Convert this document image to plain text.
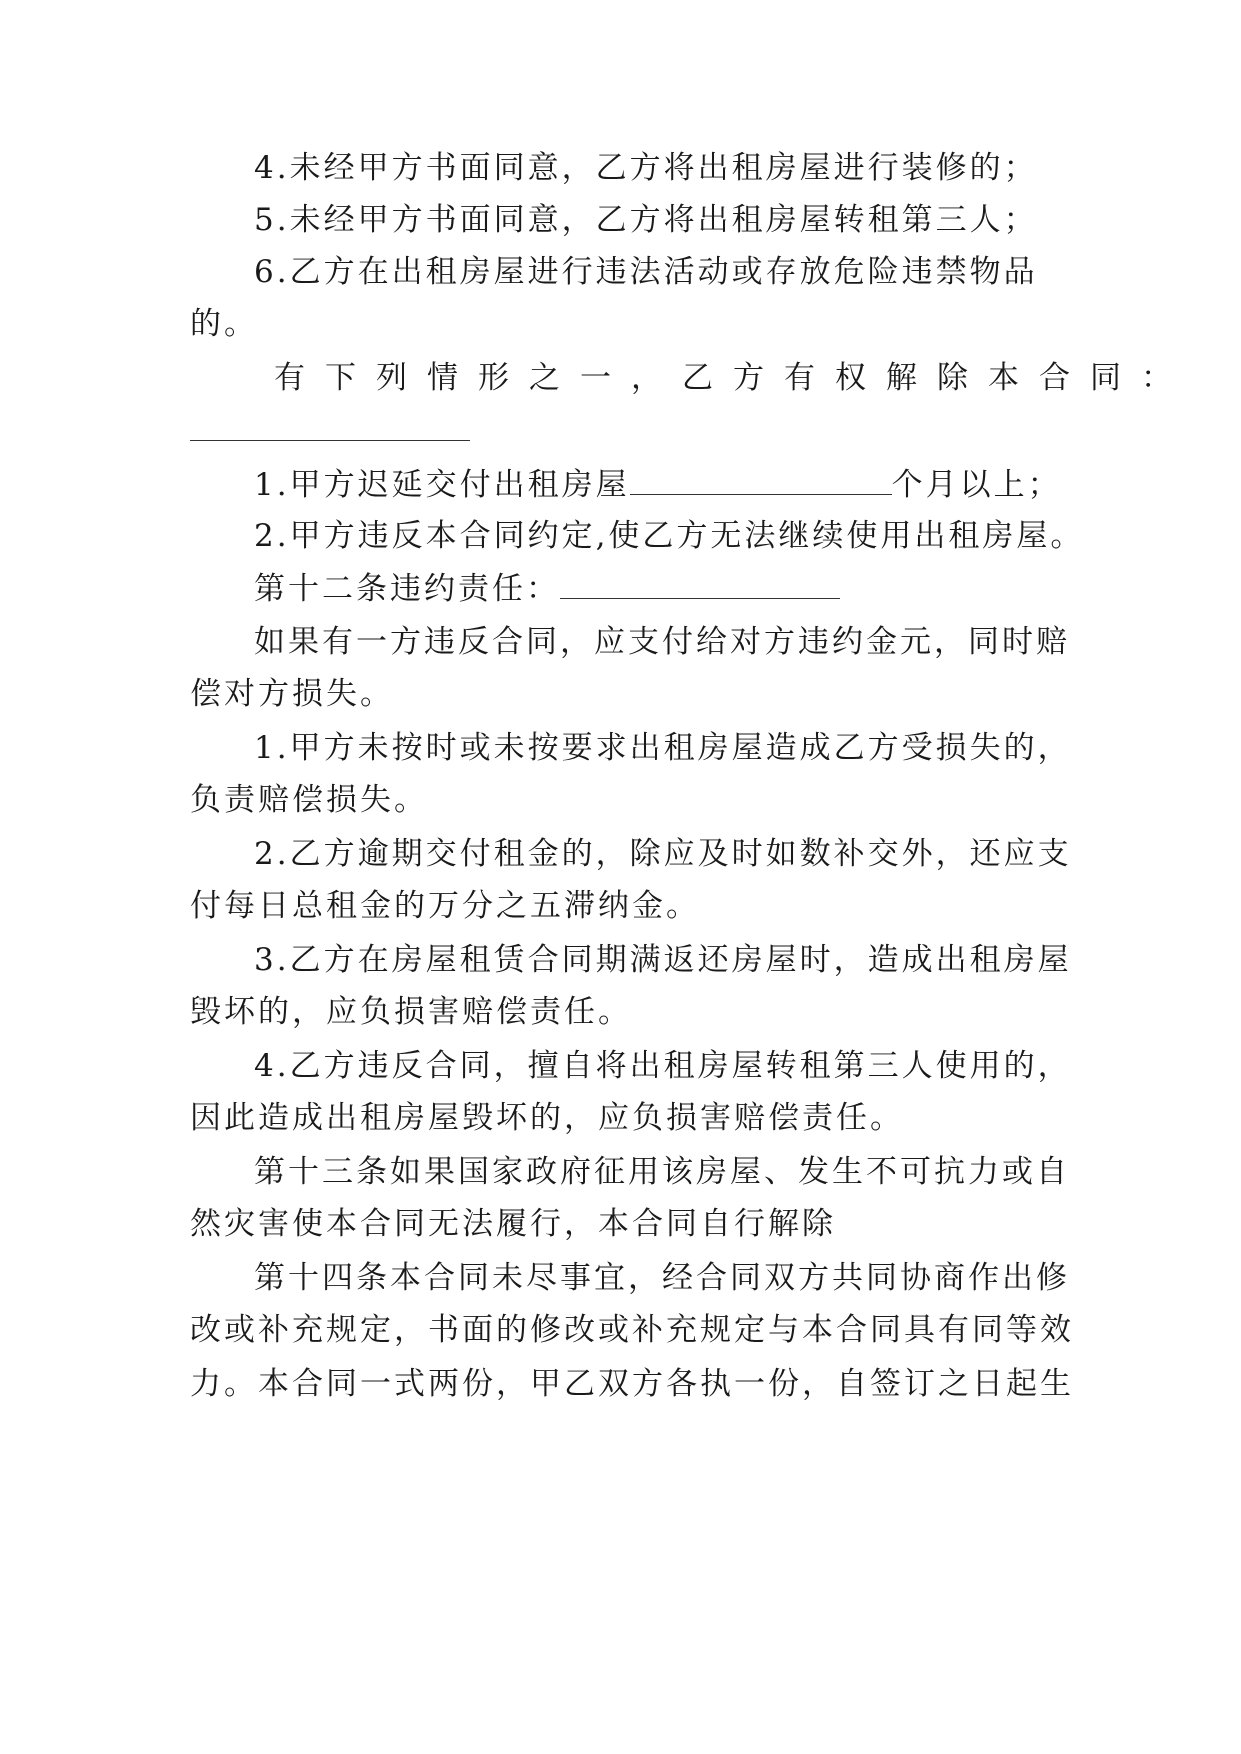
4.未经甲方书面同意，乙方将出租房屋进行装修的；
5.未经甲方书面同意，乙方将出租房屋转租第三人；
6.乙方在出租房屋进行违法活动或存放危险违禁物品
的。
有下列情形之一，乙方有权解除本合同：
1.甲方迟延交付出租房屋	个月以上；
2.甲方违反本合同约定,使乙方无法继续使用出租房屋。
第十二条违约责任：
如果有一方违反合同，应支付给对方违约金元，同时赔
偿对方损失。
1.甲方未按时或未按要求出租房屋造成乙方受损失的，
负责赔偿损失。
2.乙方逾期交付租金的，除应及时如数补交外，还应支
付每日总租金的万分之五滞纳金。
3.乙方在房屋租赁合同期满返还房屋时，造成出租房屋
毁坏的，应负损害赔偿责任。
4.乙方违反合同，擅自将出租房屋转租第三人使用的，
因此造成出租房屋毁坏的，应负损害赔偿责任。
第十三条如果国家政府征用该房屋、发生不可抗力或自
然灾害使本合同无法履行，本合同自行解除
第十四条本合同未尽事宜，经合同双方共同协商作出修
改或补充规定，书面的修改或补充规定与本合同具有同等效
力。本合同一式两份，甲乙双方各执一份，自签订之日起生
